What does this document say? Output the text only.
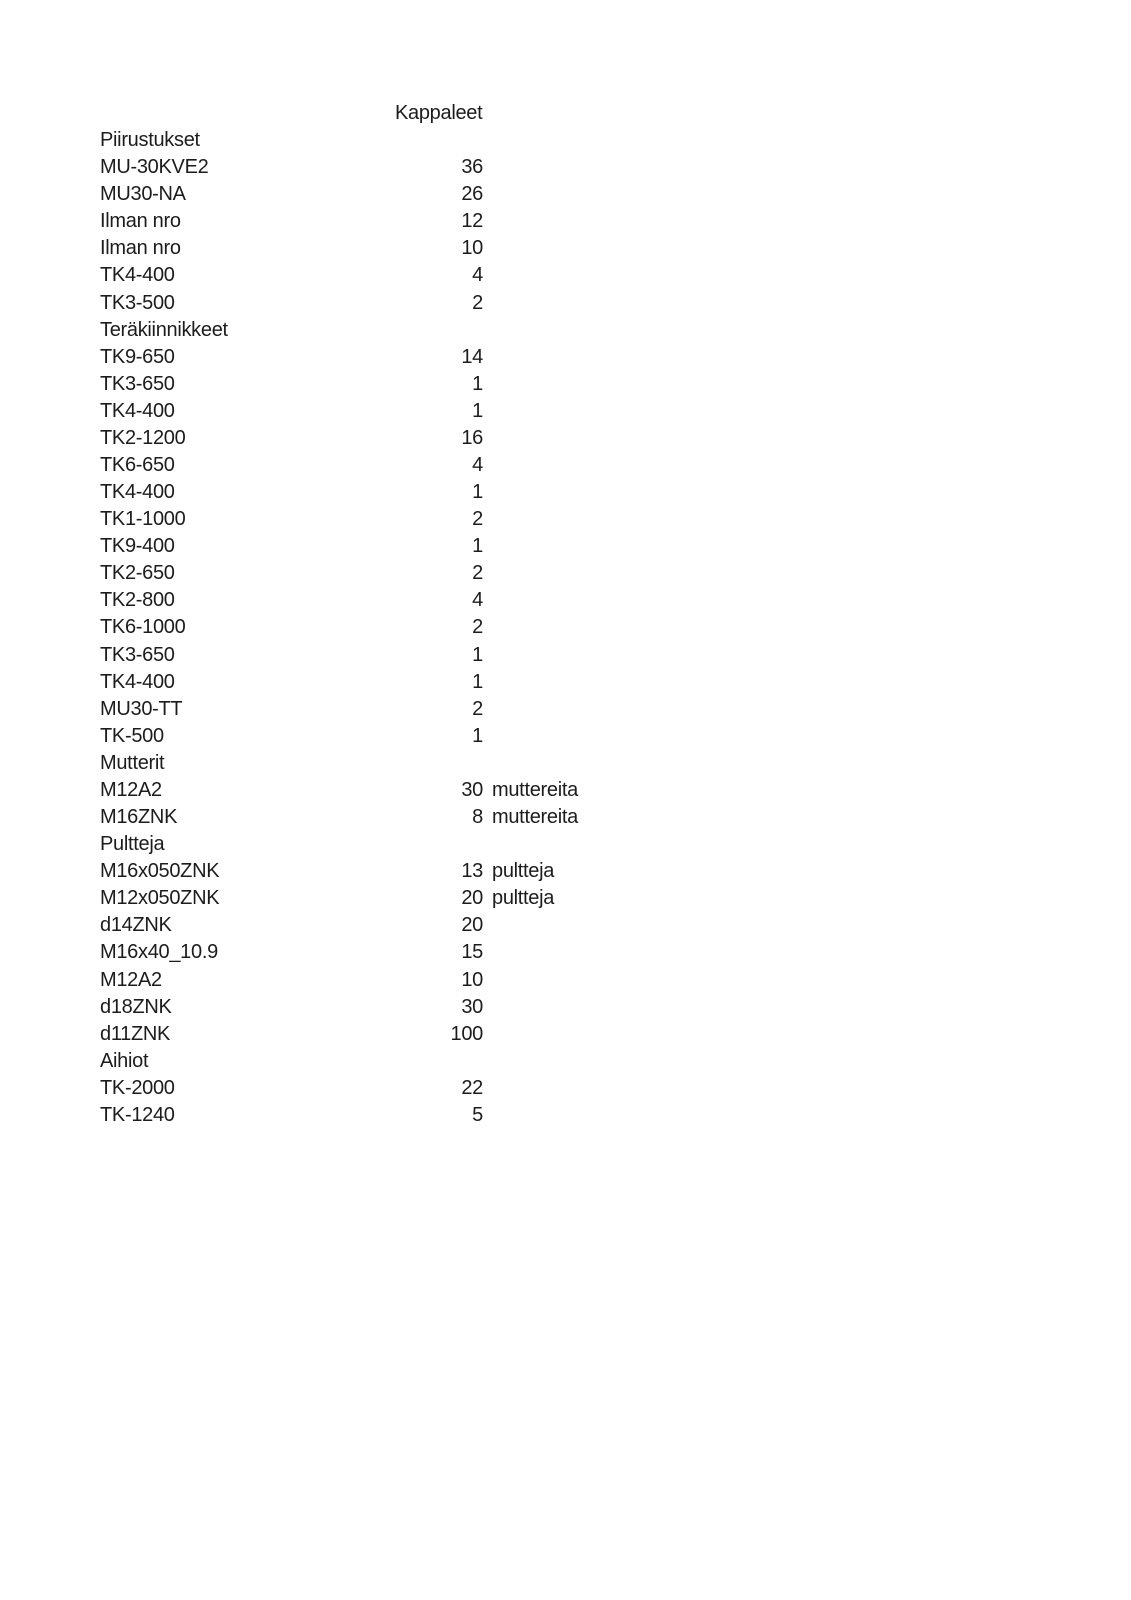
Kappaleet
Piirustukset
MU-30KVE2	36
MU30-NA	26
Ilman nro	12
Ilman nro	10
TK4-400	4
TK3-500	2
Teräkiinnikkeet
TK9-650	14
TK3-650	1
TK4-400	1
TK2-1200	16
TK6-650	4
TK4-400	1
TK1-1000	2
TK9-400	1
TK2-650	2
TK2-800	4
TK6-1000	2
TK3-650	1
TK4-400	1
MU30-TT	2
TK-500	1
Mutterit
M12A2	30 muttereita
M16ZNK	8 muttereita
Pultteja
M16x050ZNK	13 pultteja
M12x050ZNK	20 pultteja
d14ZNK	20
M16x40_10.9	15
M12A2	10
d18ZNK	30
d11ZNK	100
Aihiot
TK-2000	22
TK-1240	5
